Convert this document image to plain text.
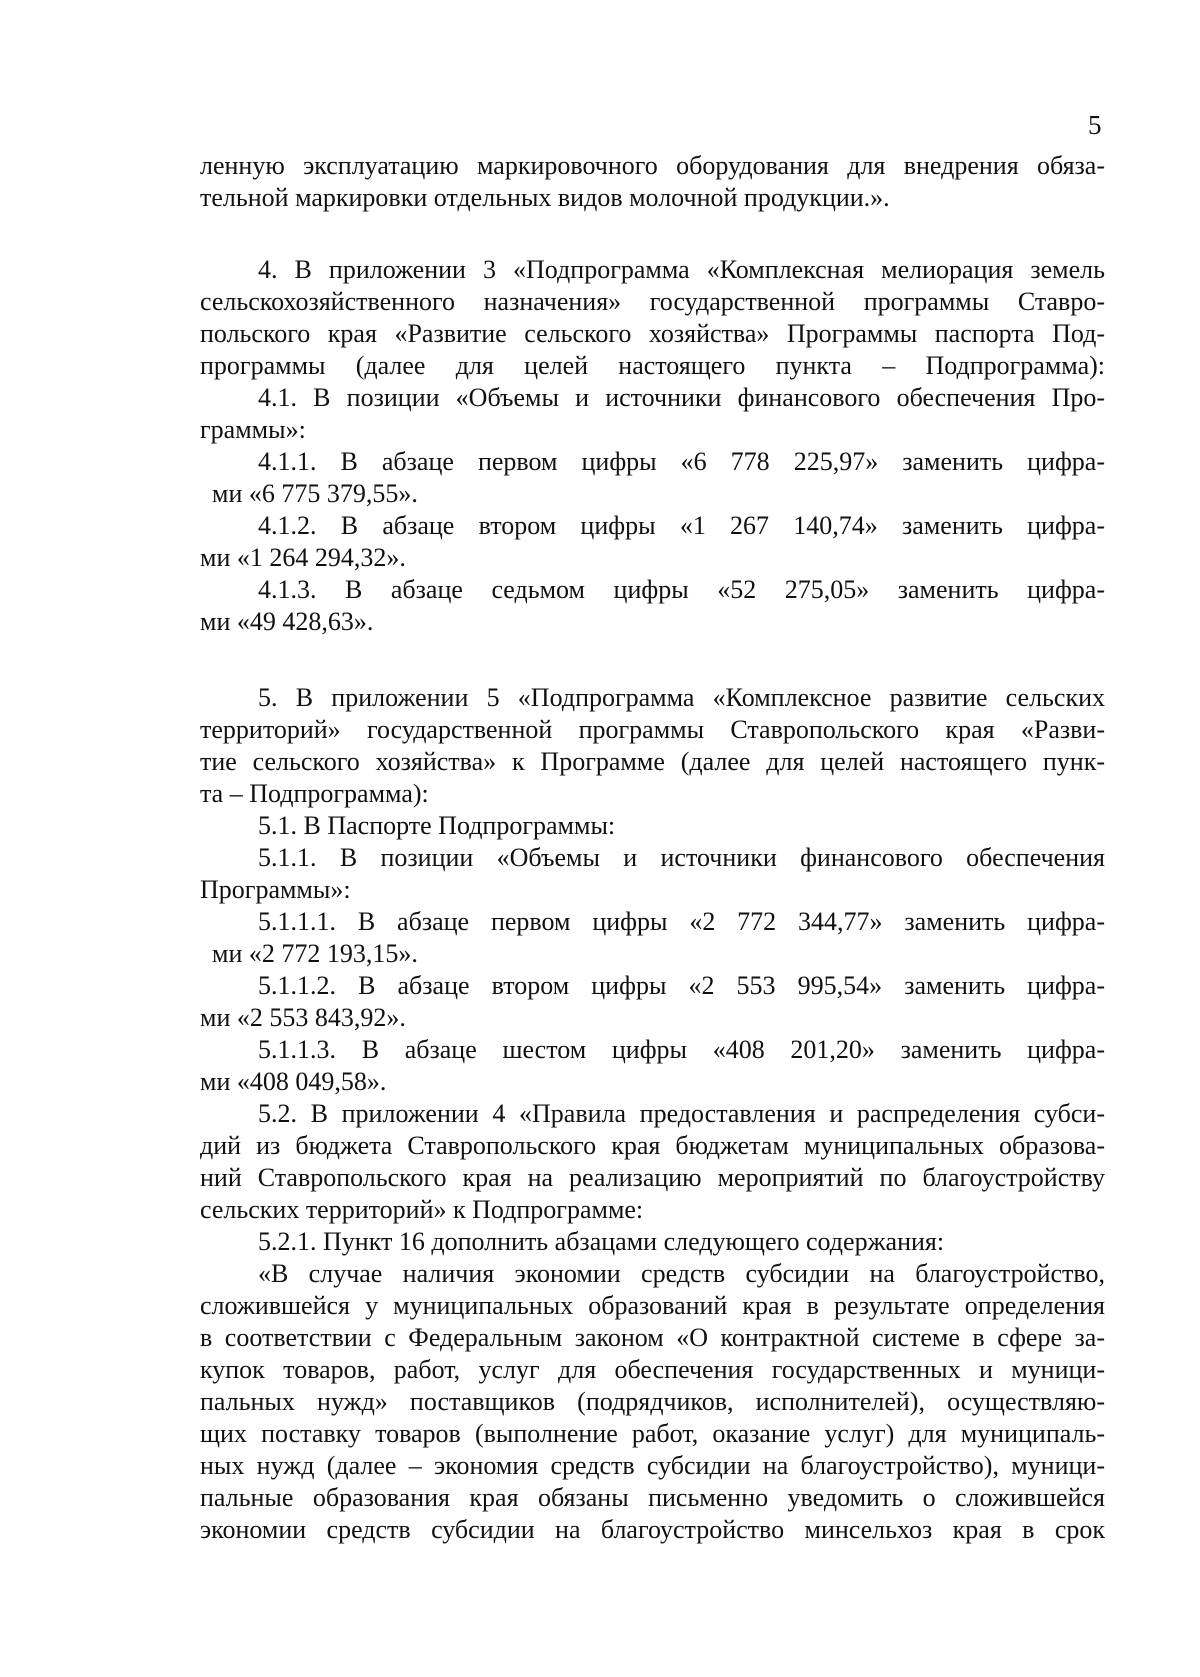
5
ленную эксплуатацию маркировочного оборудования для внедрения обяза-
тельной маркировки отдельных видов молочной продукции.».
4. В приложении 3 «Подпрограмма «Комплексная мелиорация земель
сельскохозяйственного назначения» государственной программы Ставро-
польского края «Развитие сельского хозяйства» Программы паспорта Под-
программы (далее для целей настоящего пункта – Подпрограмма):
4.1. В позиции «Объемы и источники финансового обеспечения Про-
граммы»:
4.1.1. В абзаце первом цифры «6 778 225,97» заменить цифра-
ми «6 775 379,55».
4.1.2. В абзаце втором цифры «1 267 140,74» заменить цифра-
ми «1 264 294,32».
4.1.3. В абзаце седьмом цифры «52 275,05» заменить цифра-
ми «49 428,63».
5. В приложении 5 «Подпрограмма «Комплексное развитие сельских
территорий» государственной программы Ставропольского края «Разви-
тие сельского хозяйства» к Программе (далее для целей настоящего пунк-
та – Подпрограмма):
5.1. В Паспорте Подпрограммы:
5.1.1. В позиции «Объемы и источники финансового обеспечения
Программы»:
5.1.1.1. В абзаце первом цифры «2 772 344,77» заменить цифра-
ми «2 772 193,15».
5.1.1.2. В абзаце втором цифры «2 553 995,54» заменить цифра-
ми «2 553 843,92».
5.1.1.3. В абзаце шестом цифры «408 201,20» заменить цифра-
ми «408 049,58».
5.2. В приложении 4 «Правила предоставления и распределения субси-
дий из бюджета Ставропольского края бюджетам муниципальных образова-
ний Ставропольского края на реализацию мероприятий по благоустройству
сельских территорий» к Подпрограмме:
5.2.1. Пункт 16 дополнить абзацами следующего содержания:
«В случае наличия экономии средств субсидии на благоустройство,
сложившейся у муниципальных образований края в результате определения
в соответствии с Федеральным законом «О контрактной системе в сфере за-
купок товаров, работ, услуг для обеспечения государственных и муници-
пальных нужд» поставщиков (подрядчиков, исполнителей), осуществляю-
щих поставку товаров (выполнение работ, оказание услуг) для муниципаль-
ных нужд (далее – экономия средств субсидии на благоустройство), муници-
пальные образования края обязаны письменно уведомить о сложившейся
экономии средств субсидии на благоустройство минсельхоз края в срок
